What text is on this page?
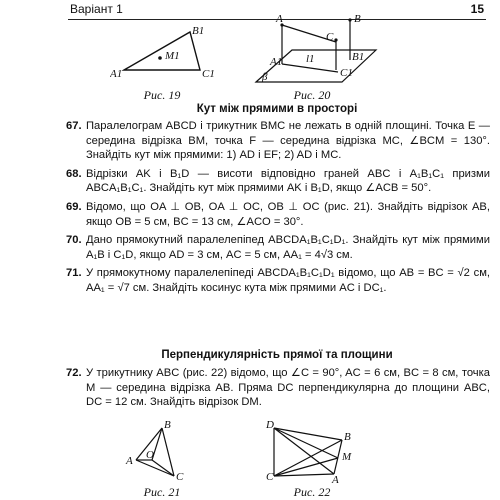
Варіант 1	15
B1
M1
A1	C1
Рис. 19
A	B
C
B1
A1 l1
C1
β
Рис. 20
Кут між прямими в просторі
67. Паралелограм ABCD і трикутник BMC не лежать в одній площині. Точка E — середина відрізка BM, точка F — середина відрізка MC, ∠BCM = 130°. Знайдіть кут між прямими: 1) AD і EF; 2) AD і MC.
68. Відрізки AK і B₁D — висоти відповідно граней ABC і A₁B₁C₁ призми ABCA₁B₁C₁. Знайдіть кут між прямими AK і B₁D, якщо ∠ACB = 50°.
69. Відомо, що OA ⊥ OB, OA ⊥ OC, OB ⊥ OC (рис. 21). Знайдіть відрізок AB, якщо OB = 5 см, BC = 13 см, ∠ACO = 30°.
70. Дано прямокутний паралелепіпед ABCDA₁B₁C₁D₁. Знайдіть кут між прямими A₁B і C₁D, якщо AD = 3 см, AC = 5 см, AA₁ = 4√3 см.
71. У прямокутному паралелепіпеді ABCDA₁B₁C₁D₁ відомо, що AB = BC = √2 см, AA₁ = √7 см. Знайдіть косинус кута між прямими AC і DC₁.
Перпендикулярність прямої та площини
72. У трикутнику ABC (рис. 22) відомо, що ∠C = 90°, AC = 6 см, BC = 8 см, точка M — середина відрізка AB. Пряма DC перпендикулярна до площини ABC, DC = 12 см. Знайдіть відрізок DM.
B
A O
C
Рис. 21
D
B
M
C	A
Рис. 22
